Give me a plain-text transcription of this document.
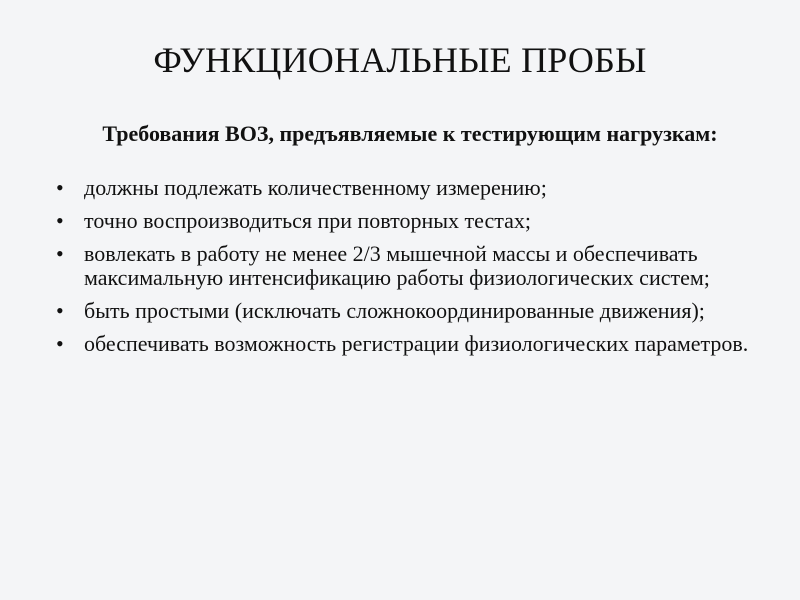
ФУНКЦИОНАЛЬНЫЕ ПРОБЫ

Требования ВОЗ, предъявляемые к тестирующим нагрузкам:

• должны подлежать количественному измерению;
• точно воспроизводиться при повторных тестах;
• вовлекать в работу не менее 2/3 мышечной массы и обеспечивать максимальную интенсификацию работы физиологических систем;
• быть простыми (исключать сложнокоординированные движения);
• обеспечивать возможность регистрации физиологических параметров.
